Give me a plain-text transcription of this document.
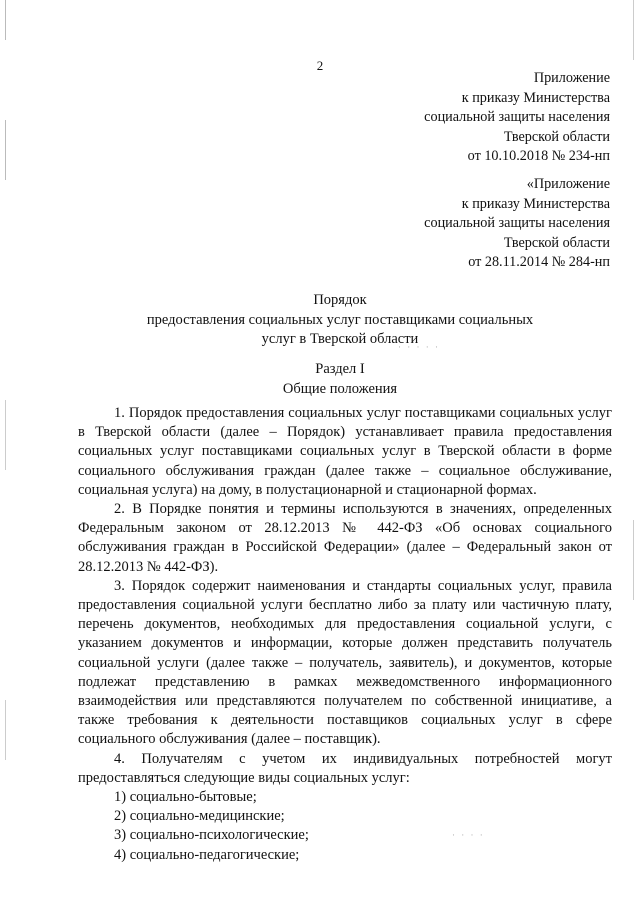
2
Приложение
к приказу Министерства
социальной защиты населения
Тверской области
от 10.10.2018 № 234-нп
«Приложение
к приказу Министерства
социальной защиты населения
Тверской области
от 28.11.2014 № 284-нп
Порядок
предоставления социальных услуг поставщиками социальных
услуг в Тверской области
Раздел I
Общие положения

1. Порядок предоставления социальных услуг поставщиками социальных услуг в Тверской области (далее – Порядок) устанавливает правила предоставления социальных услуг поставщиками социальных услуг в Тверской области в форме социального обслуживания граждан (далее также – социальное обслуживание, социальная услуга) на дому, в полустационарной и стационарной формах.

2. В Порядке понятия и термины используются в значениях, определенных Федеральным законом от 28.12.2013 № 442-ФЗ «Об основах социального обслуживания граждан в Российской Федерации» (далее – Федеральный закон от 28.12.2013 № 442-ФЗ).

3. Порядок содержит наименования и стандарты социальных услуг, правила предоставления социальной услуги бесплатно либо за плату или частичную плату, перечень документов, необходимых для предоставления социальной услуги, с указанием документов и информации, которые должен представить получатель социальной услуги (далее также – получатель, заявитель), и документов, которые подлежат представлению в рамках межведомственного информационного взаимодействия или представляются получателем по собственной инициативе, а также требования к деятельности поставщиков социальных услуг в сфере социального обслуживания (далее – поставщик).

4. Получателям с учетом их индивидуальных потребностей могут предоставляться следующие виды социальных услуг:

1) социально-бытовые;

2) социально-медицинские;

3) социально-психологические;

4) социально-педагогические;

· · · · ·
· · · ·
